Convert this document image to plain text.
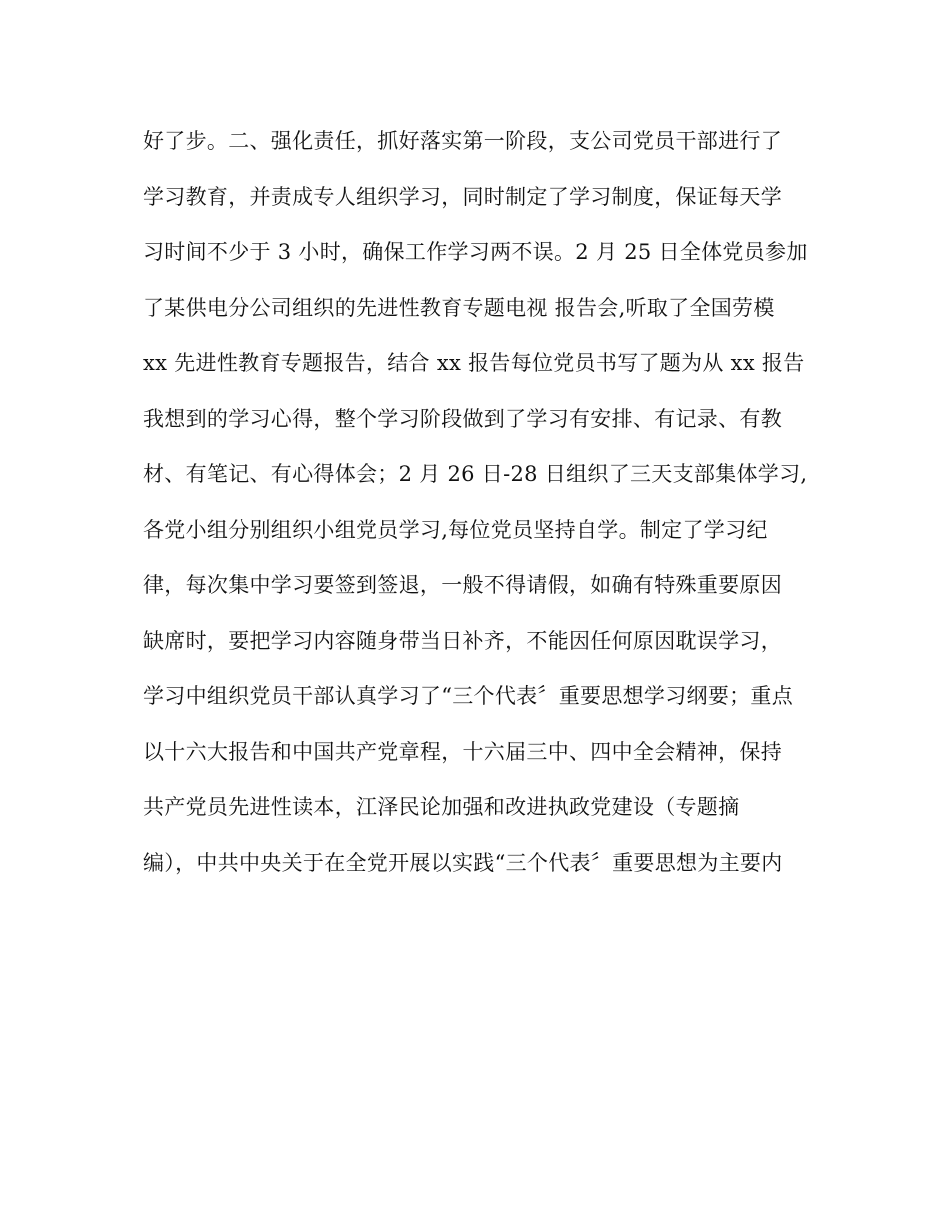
好了步。二、强化责任，抓好落实第一阶段，支公司党员干部进行了
学习教育，并责成专人组织学习，同时制定了学习制度，保证每天学
习时间不少于 3 小时，确保工作学习两不误。2 月 25 日全体党员参加
了某供电分公司组织的先进性教育专题电视 报告会,听取了全国劳模
xx 先进性教育专题报告，结合 xx 报告每位党员书写了题为从 xx 报告
我想到的学习心得，整个学习阶段做到了学习有安排、有记录、有教
材、有笔记、有心得体会；2 月 26 日-28 日组织了三天支部集体学习,
各党小组分别组织小组党员学习,每位党员坚持自学。制定了学习纪
律，每次集中学习要签到签退，一般不得请假，如确有特殊重要原因
缺席时，要把学习内容随身带当日补齐，不能因任何原因耽误学习，
学习中组织党员干部认真学习了“三个代表〞重要思想学习纲要；重点
以十六大报告和中国共产党章程，十六届三中、四中全会精神，保持
共产党员先进性读本，江泽民论加强和改进执政党建设（专题摘
编），中共中央关于在全党开展以实践“三个代表〞重要思想为主要内
